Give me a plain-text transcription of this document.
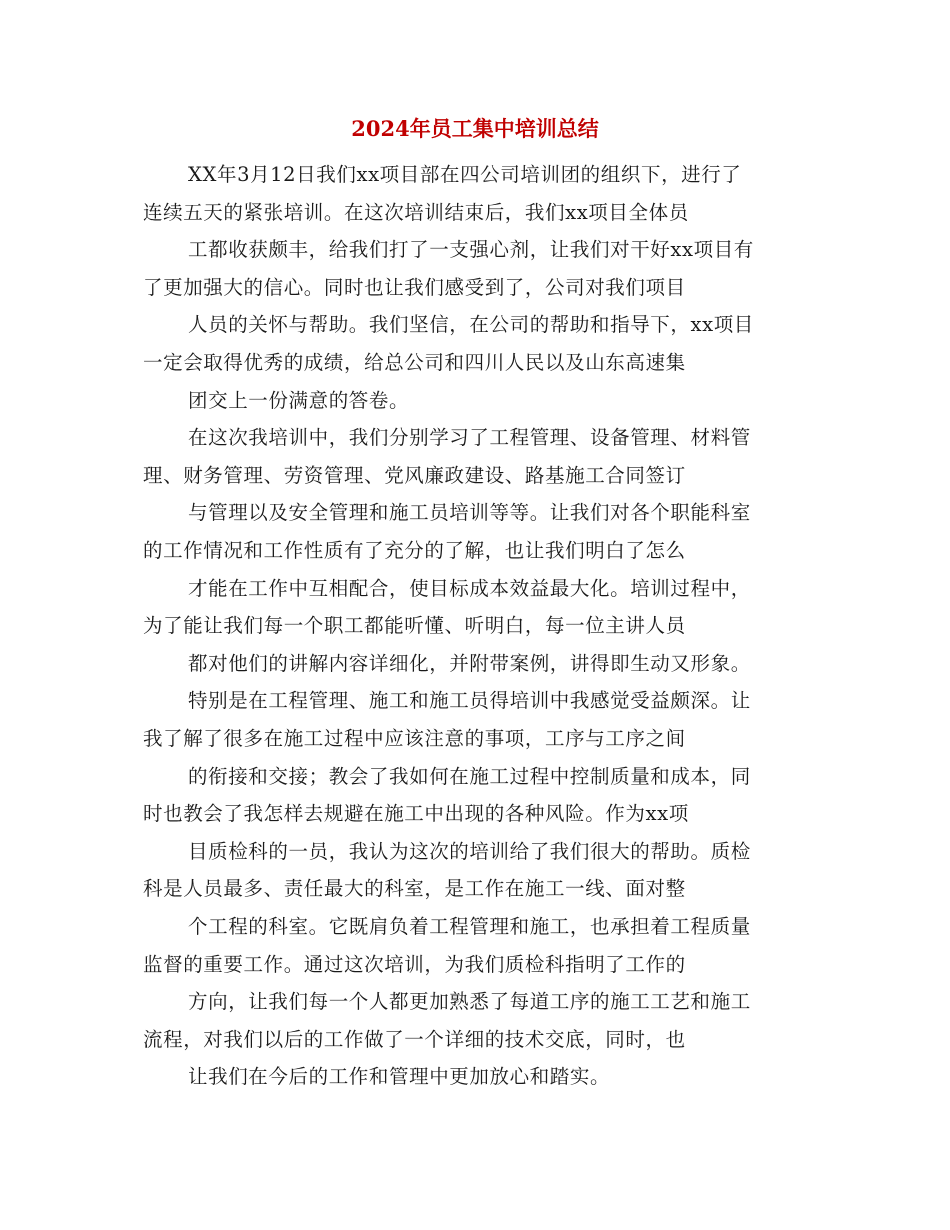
2024年员工集中培训总结
XX年3月12日我们xx项目部在四公司培训团的组织下，进行了
连续五天的紧张培训。在这次培训结束后，我们xx项目全体员
工都收获颇丰，给我们打了一支强心剂，让我们对干好xx项目有
了更加强大的信心。同时也让我们感受到了，公司对我们项目
人员的关怀与帮助。我们坚信，在公司的帮助和指导下，xx项目
一定会取得优秀的成绩，给总公司和四川人民以及山东高速集
团交上一份满意的答卷。
在这次我培训中，我们分别学习了工程管理、设备管理、材料管
理、财务管理、劳资管理、党风廉政建设、路基施工合同签订
与管理以及安全管理和施工员培训等等。让我们对各个职能科室
的工作情况和工作性质有了充分的了解，也让我们明白了怎么
才能在工作中互相配合，使目标成本效益最大化。培训过程中，
为了能让我们每一个职工都能听懂、听明白，每一位主讲人员
都对他们的讲解内容详细化，并附带案例，讲得即生动又形象。
特别是在工程管理、施工和施工员得培训中我感觉受益颇深。让
我了解了很多在施工过程中应该注意的事项，工序与工序之间
的衔接和交接；教会了我如何在施工过程中控制质量和成本，同
时也教会了我怎样去规避在施工中出现的各种风险。作为xx项
目质检科的一员，我认为这次的培训给了我们很大的帮助。质检
科是人员最多、责任最大的科室，是工作在施工一线、面对整
个工程的科室。它既肩负着工程管理和施工，也承担着工程质量
监督的重要工作。通过这次培训，为我们质检科指明了工作的
方向，让我们每一个人都更加熟悉了每道工序的施工工艺和施工
流程，对我们以后的工作做了一个详细的技术交底，同时，也
让我们在今后的工作和管理中更加放心和踏实。
